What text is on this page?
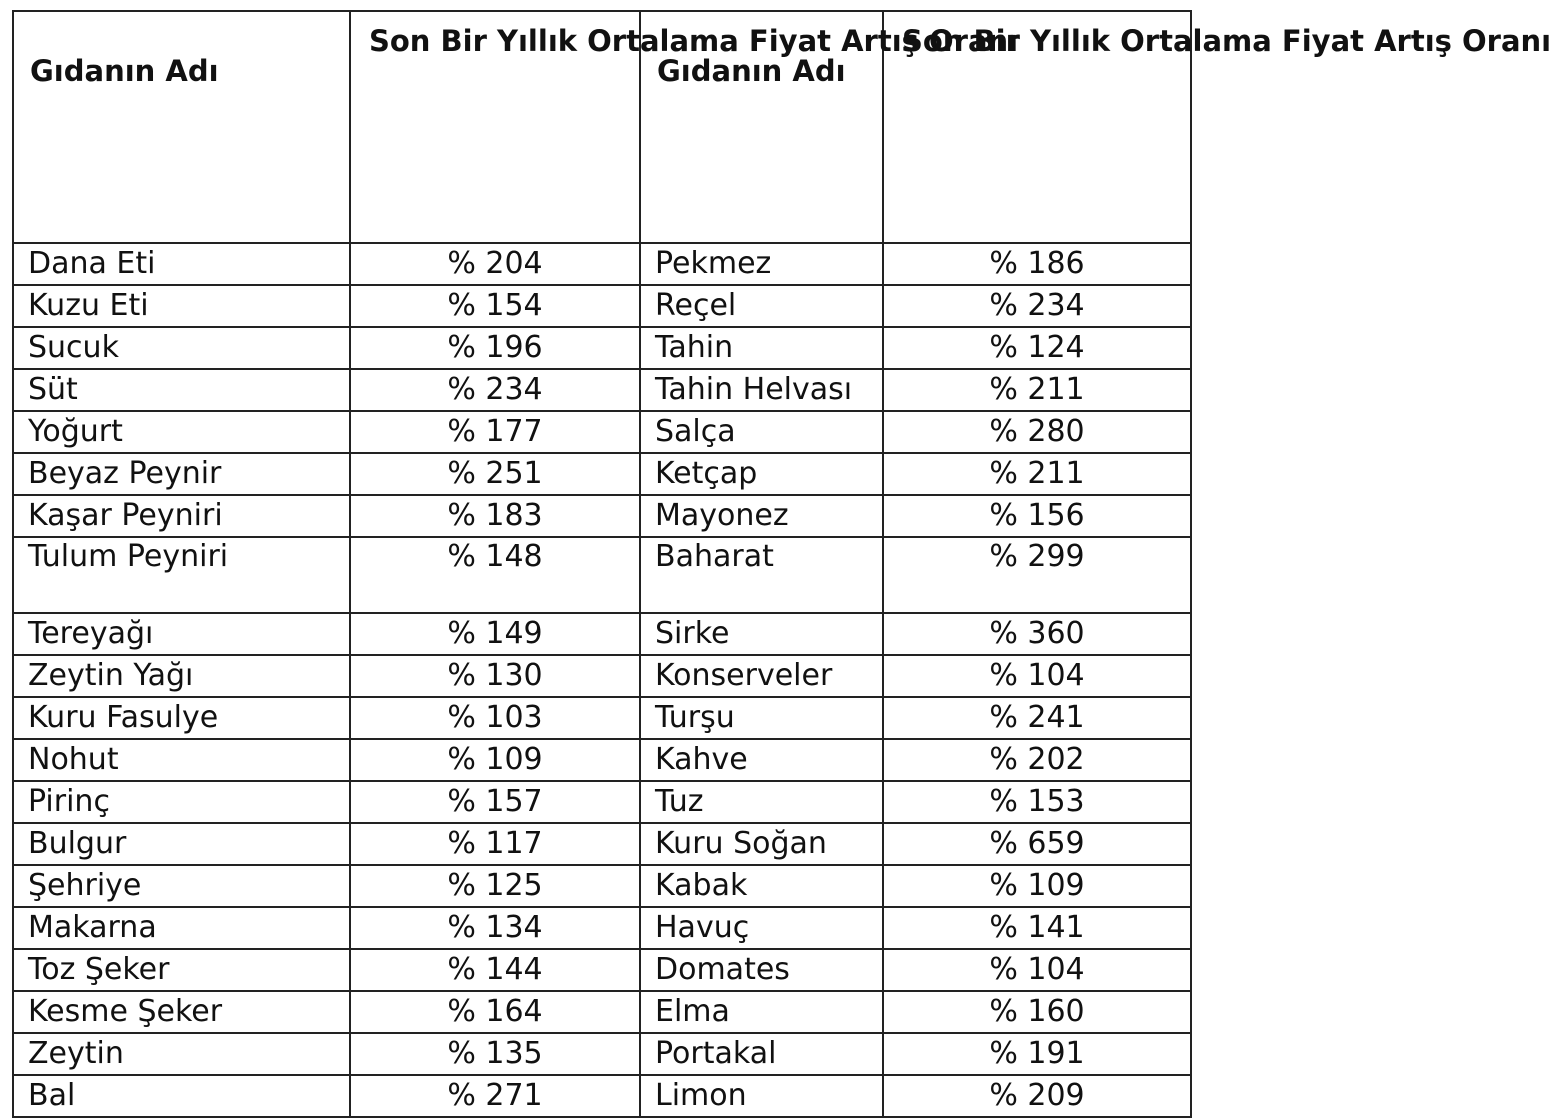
Gıdanın Adı	Son Bir Yıllık Ortalama Fiyat Artış Oranı	Gıdanın Adı	Son Bir Yıllık Ortalama Fiyat Artış Oranı
Dana Eti	% 204	Pekmez	% 186
Kuzu Eti	% 154	Reçel	% 234
Sucuk	% 196	Tahin	% 124
Süt	% 234	Tahin Helvası	% 211
Yoğurt	% 177	Salça	% 280
Beyaz Peynir	% 251	Ketçap	% 211
Kaşar Peyniri	% 183	Mayonez	% 156
Tulum Peyniri	% 148	Baharat	% 299
Tereyağı	% 149	Sirke	% 360
Zeytin Yağı	% 130	Konserveler	% 104
Kuru Fasulye	% 103	Turşu	% 241
Nohut	% 109	Kahve	% 202
Pirinç	% 157	Tuz	% 153
Bulgur	% 117	Kuru Soğan	% 659
Şehriye	% 125	Kabak	% 109
Makarna	% 134	Havuç	% 141
Toz Şeker	% 144	Domates	% 104
Kesme Şeker	% 164	Elma	% 160
Zeytin	% 135	Portakal	% 191
Bal	% 271	Limon	% 209
